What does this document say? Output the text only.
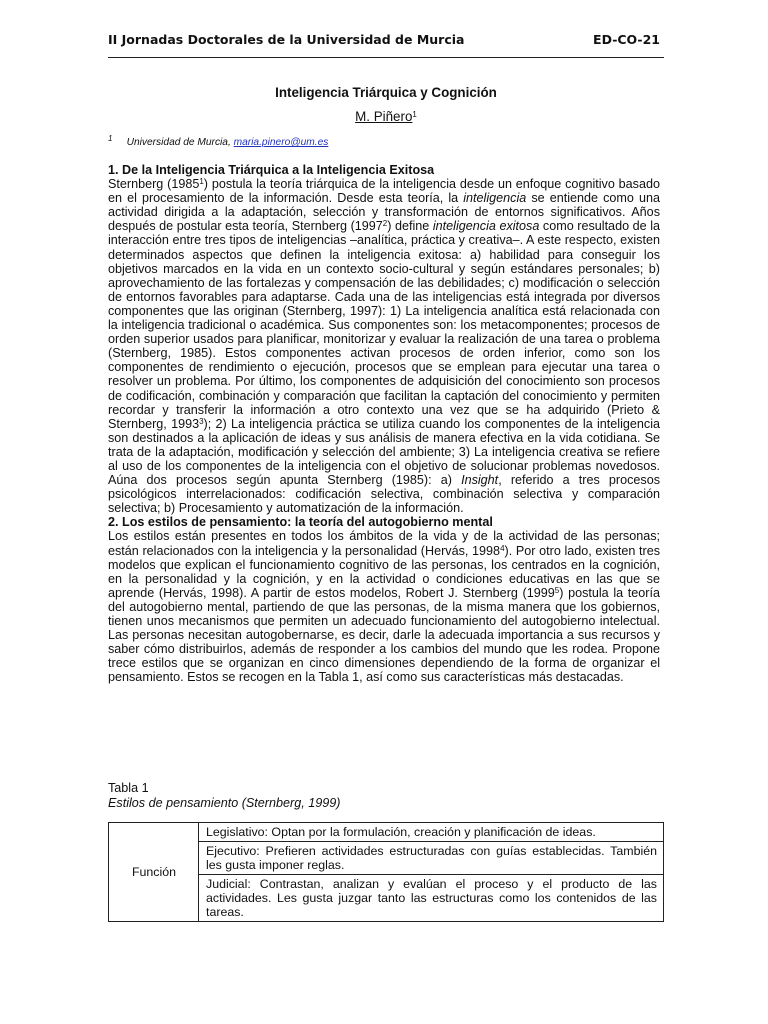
II Jornadas Doctorales de la Universidad de Murcia	ED-CO-21
Inteligencia Triárquica y Cognición
M. Piñero$^1$
$^1$ Universidad de Murcia, maria.pinero@um.es
1. De la Inteligencia Triárquica a la Inteligencia Exitosa

Sternberg (1985$^1$) postula la teoría triárquica de la inteligencia desde un enfoque cognitivo basado en el procesamiento de la información. Desde esta teoría, la inteligencia se entiende como una actividad dirigida a la adaptación, selección y transformación de entornos significativos. Años después de postular esta teoría, Sternberg (1997$^2$) define inteligencia exitosa como resultado de la interacción entre tres tipos de inteligencias –analítica, práctica y creativa–. A este respecto, existen determinados aspectos que definen la inteligencia exitosa: a) habilidad para conseguir los objetivos marcados en la vida en un contexto socio-cultural y según estándares personales; b) aprovechamiento de las fortalezas y compensación de las debilidades; c) modificación o selección de entornos favorables para adaptarse. Cada una de las inteligencias está integrada por diversos componentes que las originan (Sternberg, 1997): 1) La inteligencia analítica está relacionada con la inteligencia tradicional o académica. Sus componentes son: los metacomponentes; procesos de orden superior usados para planificar, monitorizar y evaluar la realización de una tarea o problema (Sternberg, 1985). Estos componentes activan procesos de orden inferior, como son los componentes de rendimiento o ejecución, procesos que se emplean para ejecutar una tarea o resolver un problema. Por último, los componentes de adquisición del conocimiento son procesos de codificación, combinación y comparación que facilitan la captación del conocimiento y permiten recordar y transferir la información a otro contexto una vez que se ha adquirido (Prieto & Sternberg, 1993$^3$); 2) La inteligencia práctica se utiliza cuando los componentes de la inteligencia son destinados a la aplicación de ideas y sus análisis de manera efectiva en la vida cotidiana. Se trata de la adaptación, modificación y selección del ambiente; 3) La inteligencia creativa se refiere al uso de los componentes de la inteligencia con el objetivo de solucionar problemas novedosos. Aúna dos procesos según apunta Sternberg (1985): a) Insight, referido a tres procesos psicológicos interrelacionados: codificación selectiva, combinación selectiva y comparación selectiva; b) Procesamiento y automatización de la información.

2. Los estilos de pensamiento: la teoría del autogobierno mental

Los estilos están presentes en todos los ámbitos de la vida y de la actividad de las personas; están relacionados con la inteligencia y la personalidad (Hervás, 1998$^4$). Por otro lado, existen tres modelos que explican el funcionamiento cognitivo de las personas, los centrados en la cognición, en la personalidad y la cognición, y en la actividad o condiciones educativas en las que se aprende (Hervás, 1998). A partir de estos modelos, Robert J. Sternberg (1999$^5$) postula la teoría del autogobierno mental, partiendo de que las personas, de la misma manera que los gobiernos, tienen unos mecanismos que permiten un adecuado funcionamiento del autogobierno intelectual. Las personas necesitan autogobernarse, es decir, darle la adecuada importancia a sus recursos y saber cómo distribuirlos, además de responder a los cambios del mundo que les rodea. Propone trece estilos que se organizan en cinco dimensiones dependiendo de la forma de organizar el pensamiento. Estos se recogen en la Tabla 1, así como sus características más destacadas.

Tabla 1
Estilos de pensamiento (Sternberg, 1999)
Función	Legislativo: Optan por la formulación, creación y planificación de ideas.
Ejecutivo: Prefieren actividades estructuradas con guías establecidas. También les gusta imponer reglas.
Judicial: Contrastan, analizan y evalúan el proceso y el producto de las actividades. Les gusta juzgar tanto las estructuras como los contenidos de las tareas.
